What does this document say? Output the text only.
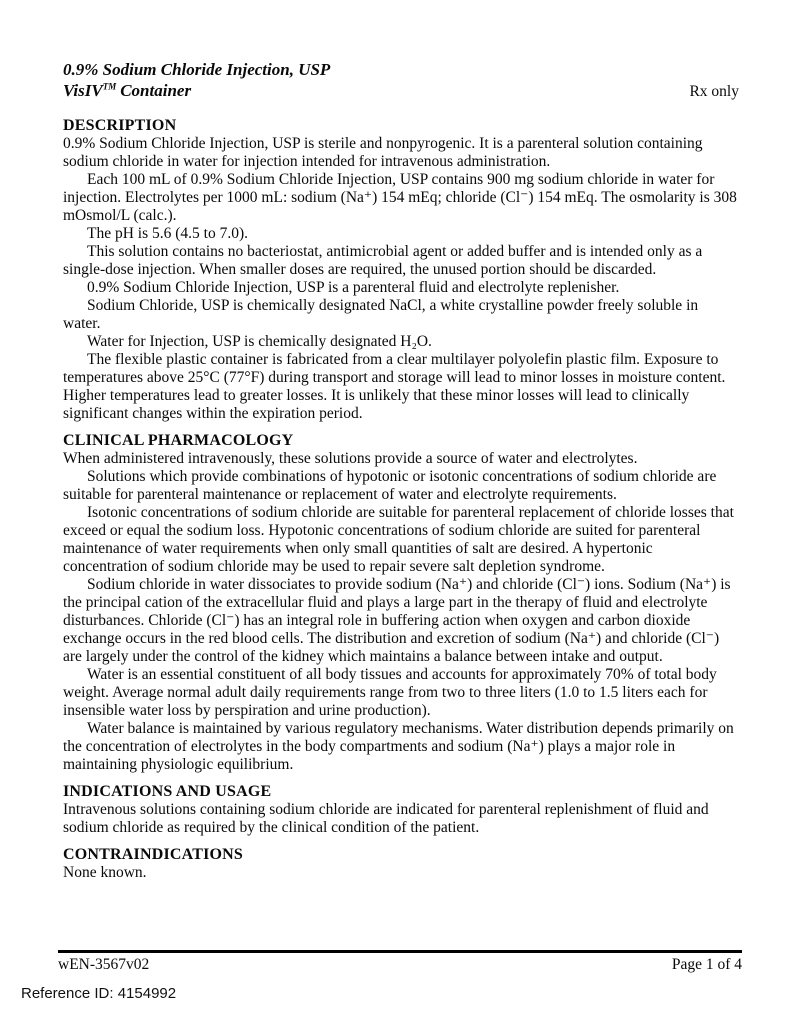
0.9% Sodium Chloride Injection, USP
VisIV™ Container	Rx only
DESCRIPTION

0.9% Sodium Chloride Injection, USP is sterile and nonpyrogenic. It is a parenteral solution containing sodium chloride in water for injection intended for intravenous administration.

Each 100 mL of 0.9% Sodium Chloride Injection, USP contains 900 mg sodium chloride in water for injection. Electrolytes per 1000 mL: sodium (Na⁺) 154 mEq; chloride (Cl⁻) 154 mEq. The osmolarity is 308 mOsmol/L (calc.).

The pH is 5.6 (4.5 to 7.0).

This solution contains no bacteriostat, antimicrobial agent or added buffer and is intended only as a single-dose injection. When smaller doses are required, the unused portion should be discarded.

0.9% Sodium Chloride Injection, USP is a parenteral fluid and electrolyte replenisher.

Sodium Chloride, USP is chemically designated NaCl, a white crystalline powder freely soluble in water.

Water for Injection, USP is chemically designated H₂O.

The flexible plastic container is fabricated from a clear multilayer polyolefin plastic film. Exposure to temperatures above 25°C (77°F) during transport and storage will lead to minor losses in moisture content. Higher temperatures lead to greater losses. It is unlikely that these minor losses will lead to clinically significant changes within the expiration period.

CLINICAL PHARMACOLOGY

When administered intravenously, these solutions provide a source of water and electrolytes.

Solutions which provide combinations of hypotonic or isotonic concentrations of sodium chloride are suitable for parenteral maintenance or replacement of water and electrolyte requirements.

Isotonic concentrations of sodium chloride are suitable for parenteral replacement of chloride losses that exceed or equal the sodium loss. Hypotonic concentrations of sodium chloride are suited for parenteral maintenance of water requirements when only small quantities of salt are desired. A hypertonic concentration of sodium chloride may be used to repair severe salt depletion syndrome.

Sodium chloride in water dissociates to provide sodium (Na⁺) and chloride (Cl⁻) ions. Sodium (Na⁺) is the principal cation of the extracellular fluid and plays a large part in the therapy of fluid and electrolyte disturbances. Chloride (Cl⁻) has an integral role in buffering action when oxygen and carbon dioxide exchange occurs in the red blood cells. The distribution and excretion of sodium (Na⁺) and chloride (Cl⁻) are largely under the control of the kidney which maintains a balance between intake and output.

Water is an essential constituent of all body tissues and accounts for approximately 70% of total body weight. Average normal adult daily requirements range from two to three liters (1.0 to 1.5 liters each for insensible water loss by perspiration and urine production).

Water balance is maintained by various regulatory mechanisms. Water distribution depends primarily on the concentration of electrolytes in the body compartments and sodium (Na⁺) plays a major role in maintaining physiologic equilibrium.

INDICATIONS AND USAGE

Intravenous solutions containing sodium chloride are indicated for parenteral replenishment of fluid and sodium chloride as required by the clinical condition of the patient.

CONTRAINDICATIONS

None known.

wEN-3567v02	Page 1 of 4
Reference ID: 4154992
